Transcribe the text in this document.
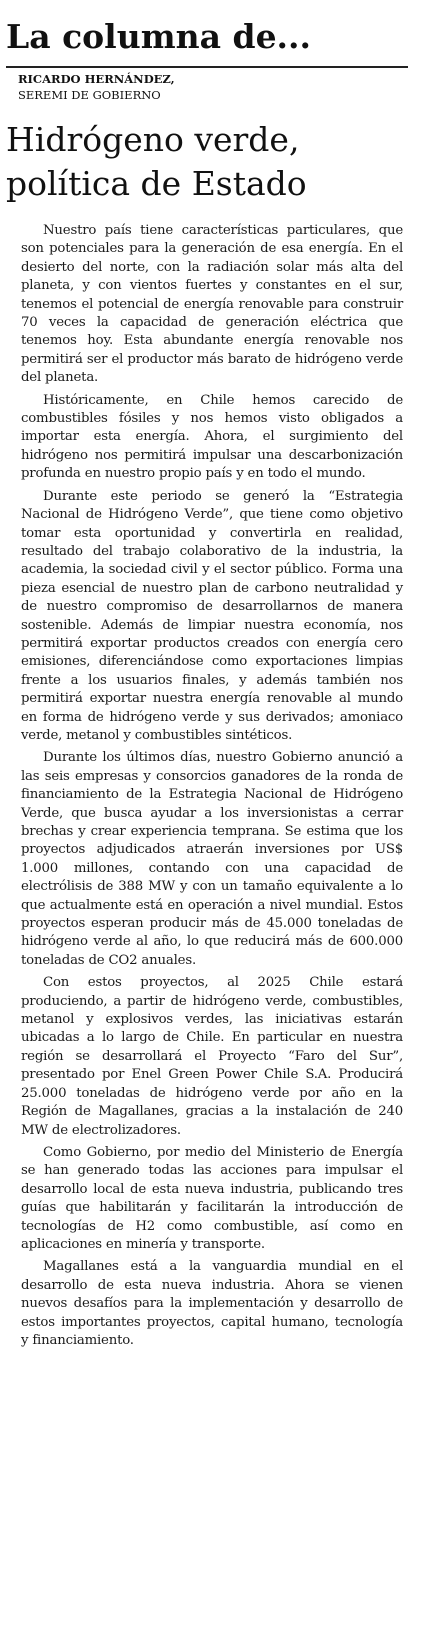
La columna de...
RICARDO HERNÁNDEZ,
SEREMI DE GOBIERNO
Hidrógeno verde,
política de Estado

Nuestro país tiene características particulares, que son potenciales para la generación de esa energía. En el desierto del norte, con la radiación solar más alta del planeta, y con vientos fuertes y constantes en el sur, tenemos el potencial de energía renovable para construir 70 veces la capacidad de generación eléctrica que tenemos hoy. Esta abundante energía renovable nos permitirá ser el productor más barato de hidrógeno verde del planeta.

Históricamente, en Chile hemos carecido de combustibles fósiles y nos hemos visto obligados a importar esta energía. Ahora, el surgimiento del hidrógeno nos permitirá impulsar una descarbonización profunda en nuestro propio país y en todo el mundo.

Durante este periodo se generó la “Estrategia Nacional de Hidrógeno Verde”, que tiene como objetivo tomar esta oportunidad y convertirla en realidad, resultado del trabajo colaborativo de la industria, la academia, la sociedad civil y el sector público. Forma una pieza esencial de nuestro plan de carbono neutralidad y de nuestro compromiso de desarrollarnos de manera sostenible. Además de limpiar nuestra economía, nos permitirá exportar productos creados con energía cero emisiones, diferenciándose como exportaciones limpias frente a los usuarios finales, y además también nos permitirá exportar nuestra energía renovable al mundo en forma de hidrógeno verde y sus derivados; amoniaco verde, metanol y combustibles sintéticos.

Durante los últimos días, nuestro Gobierno anunció a las seis empresas y consorcios ganadores de la ronda de financiamiento de la Estrategia Nacional de Hidrógeno Verde, que busca ayudar a los inversionistas a cerrar brechas y crear experiencia temprana. Se estima que los proyectos adjudicados atraerán inversiones por US$ 1.000 millones, contando con una capacidad de electrólisis de 388 MW y con un tamaño equivalente a lo que actualmente está en operación a nivel mundial. Estos proyectos esperan producir más de 45.000 toneladas de hidrógeno verde al año, lo que reducirá más de 600.000 toneladas de CO2 anuales.

Con estos proyectos, al 2025 Chile estará produciendo, a partir de hidrógeno verde, combustibles, metanol y explosivos verdes, las iniciativas estarán ubicadas a lo largo de Chile. En particular en nuestra región se desarrollará el Proyecto “Faro del Sur”, presentado por Enel Green Power Chile S.A. Producirá 25.000 toneladas de hidrógeno verde por año en la Región de Magallanes, gracias a la instalación de 240 MW de electrolizadores.

Como Gobierno, por medio del Ministerio de Energía se han generado todas las acciones para impulsar el desarrollo local de esta nueva industria, publicando tres guías que habilitarán y facilitarán la introducción de tecnologías de H2 como combustible, así como en aplicaciones en minería y transporte.

Magallanes está a la vanguardia mundial en el desarrollo de esta nueva industria. Ahora se vienen nuevos desafíos para la implementación y desarrollo de estos importantes proyectos, capital humano, tecnología y financiamiento.
